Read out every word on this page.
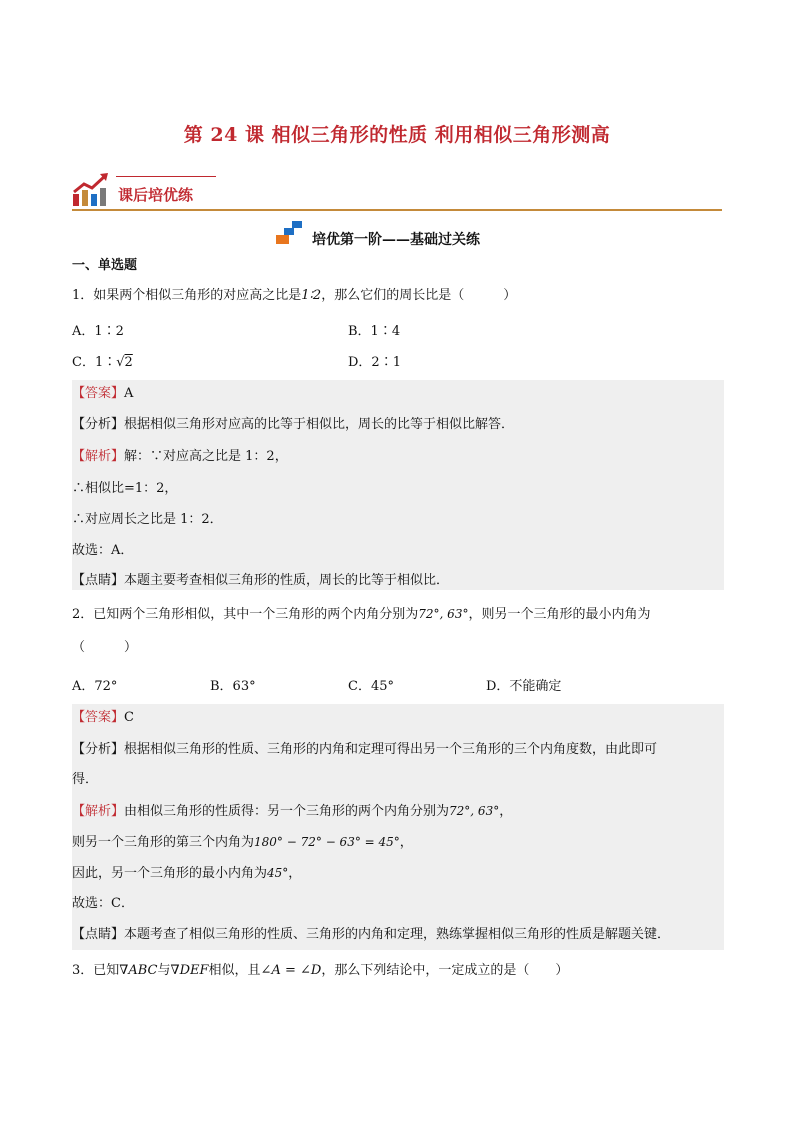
第 24 课 相似三角形的性质 利用相似三角形测高
课后培优练
培优第一阶——基础过关练
一、单选题
1．如果两个相似三角形的对应高之比是1∶2，那么它们的周长比是（　　　）
A．1∶2	B．1∶4
C．1∶√2	D．2∶1
【答案】A
【分析】根据相似三角形对应高的比等于相似比，周长的比等于相似比解答．
【解析】解：∵对应高之比是 1：2，
∴相似比=1：2，
∴对应周长之比是 1：2．
故选：A．
【点睛】本题主要考查相似三角形的性质，周长的比等于相似比．
2．已知两个三角形相似，其中一个三角形的两个内角分别为72°, 63°，则另一个三角形的最小内角为
（　　　）
A．72°	B．63°	C．45°	D．不能确定
【答案】C
【分析】根据相似三角形的性质、三角形的内角和定理可得出另一个三角形的三个内角度数，由此即可
得．
【解析】由相似三角形的性质得：另一个三角形的两个内角分别为72°, 63°，
则另一个三角形的第三个内角为180° − 72° − 63° = 45°，
因此，另一个三角形的最小内角为45°，
故选：C．
【点睛】本题考查了相似三角形的性质、三角形的内角和定理，熟练掌握相似三角形的性质是解题关键．
3．已知∇ABC与∇DEF相似，且∠A = ∠D，那么下列结论中，一定成立的是（　　）
